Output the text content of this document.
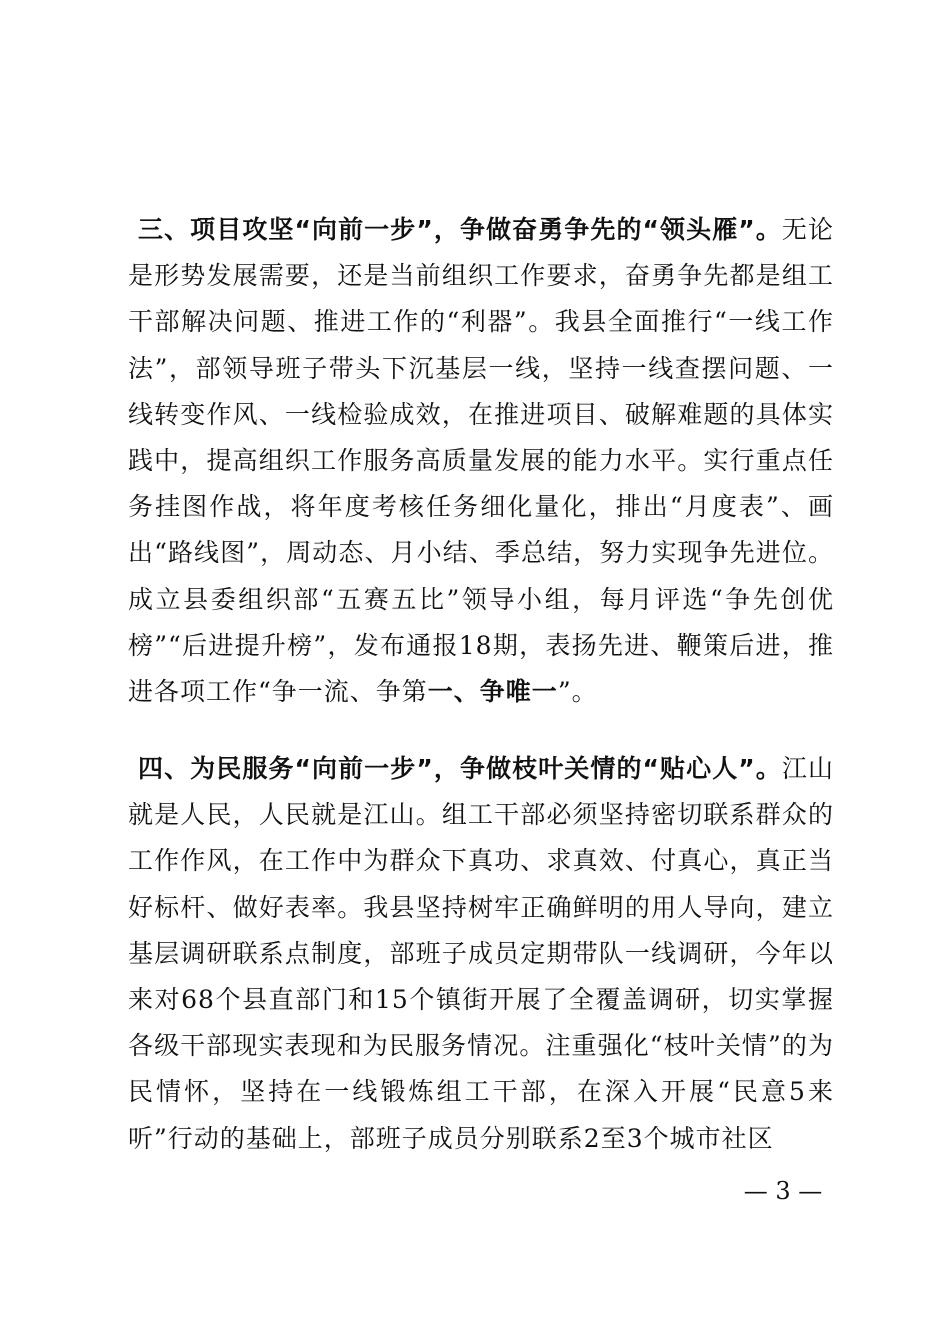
三、项目攻坚“向前一步”，争做奋勇争先的“领头雁”。无论是形势发展需要，还是当前组织工作要求，奋勇争先都是组工干部解决问题、推进工作的“利器”。我县全面推行“一线工作法”，部领导班子带头下沉基层一线，坚持一线查摆问题、一线转变作风、一线检验成效，在推进项目、破解难题的具体实践中，提高组织工作服务高质量发展的能力水平。实行重点任务挂图作战，将年度考核任务细化量化，排出“月度表”、画出“路线图”，周动态、月小结、季总结，努力实现争先进位。成立县委组织部“五赛五比”领导小组，每月评选“争先创优榜”“后进提升榜”，发布通报18期，表扬先进、鞭策后进，推进各项工作“争一流、争第一、争唯一”。

四、为民服务“向前一步”，争做枝叶关情的“贴心人”。江山就是人民，人民就是江山。组工干部必须坚持密切联系群众的工作作风，在工作中为群众下真功、求真效、付真心，真正当好标杆、做好表率。我县坚持树牢正确鲜明的用人导向，建立基层调研联系点制度，部班子成员定期带队一线调研，今年以来对68个县直部门和15个镇街开展了全覆盖调研，切实掌握各级干部现实表现和为民服务情况。注重强化“枝叶关情”的为民情怀，坚持在一线锻炼组工干部，在深入开展“民意5来听”行动的基础上，部班子成员分别联系2至3个城市社区

— 3 —
